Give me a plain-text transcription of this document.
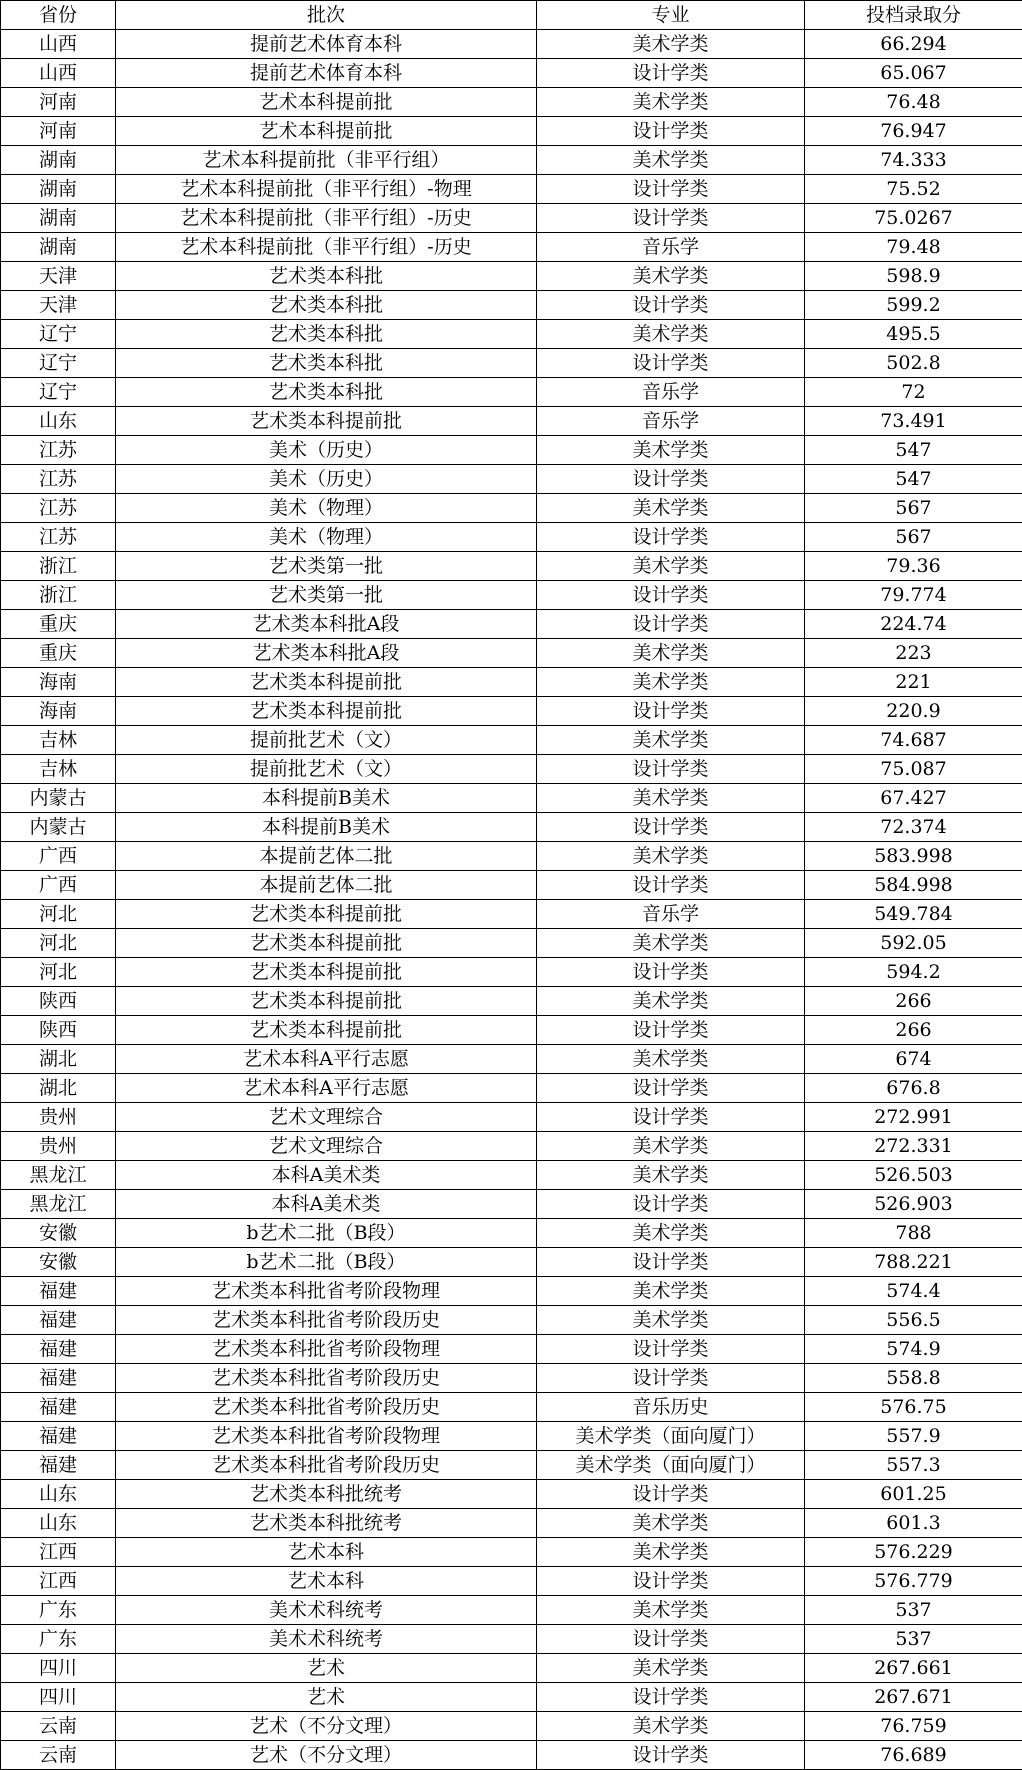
省份	批次	专业	投档录取分
山西	提前艺术体育本科	美术学类	66.294
山西	提前艺术体育本科	设计学类	65.067
河南	艺术本科提前批	美术学类	76.48
河南	艺术本科提前批	设计学类	76.947
湖南	艺术本科提前批（非平行组）	美术学类	74.333
湖南	艺术本科提前批（非平行组）-物理	设计学类	75.52
湖南	艺术本科提前批（非平行组）-历史	设计学类	75.0267
湖南	艺术本科提前批（非平行组）-历史	音乐学	79.48
天津	艺术类本科批	美术学类	598.9
天津	艺术类本科批	设计学类	599.2
辽宁	艺术类本科批	美术学类	495.5
辽宁	艺术类本科批	设计学类	502.8
辽宁	艺术类本科批	音乐学	72
山东	艺术类本科提前批	音乐学	73.491
江苏	美术（历史）	美术学类	547
江苏	美术（历史）	设计学类	547
江苏	美术（物理）	美术学类	567
江苏	美术（物理）	设计学类	567
浙江	艺术类第一批	美术学类	79.36
浙江	艺术类第一批	设计学类	79.774
重庆	艺术类本科批A段	设计学类	224.74
重庆	艺术类本科批A段	美术学类	223
海南	艺术类本科提前批	美术学类	221
海南	艺术类本科提前批	设计学类	220.9
吉林	提前批艺术（文）	美术学类	74.687
吉林	提前批艺术（文）	设计学类	75.087
内蒙古	本科提前B美术	美术学类	67.427
内蒙古	本科提前B美术	设计学类	72.374
广西	本提前艺体二批	美术学类	583.998
广西	本提前艺体二批	设计学类	584.998
河北	艺术类本科提前批	音乐学	549.784
河北	艺术类本科提前批	美术学类	592.05
河北	艺术类本科提前批	设计学类	594.2
陕西	艺术类本科提前批	美术学类	266
陕西	艺术类本科提前批	设计学类	266
湖北	艺术本科A平行志愿	美术学类	674
湖北	艺术本科A平行志愿	设计学类	676.8
贵州	艺术文理综合	设计学类	272.991
贵州	艺术文理综合	美术学类	272.331
黑龙江	本科A美术类	美术学类	526.503
黑龙江	本科A美术类	设计学类	526.903
安徽	b艺术二批（B段）	美术学类	788
安徽	b艺术二批（B段）	设计学类	788.221
福建	艺术类本科批省考阶段物理	美术学类	574.4
福建	艺术类本科批省考阶段历史	美术学类	556.5
福建	艺术类本科批省考阶段物理	设计学类	574.9
福建	艺术类本科批省考阶段历史	设计学类	558.8
福建	艺术类本科批省考阶段历史	音乐历史	576.75
福建	艺术类本科批省考阶段物理	美术学类（面向厦门）	557.9
福建	艺术类本科批省考阶段历史	美术学类（面向厦门）	557.3
山东	艺术类本科批统考	设计学类	601.25
山东	艺术类本科批统考	美术学类	601.3
江西	艺术本科	美术学类	576.229
江西	艺术本科	设计学类	576.779
广东	美术术科统考	美术学类	537
广东	美术术科统考	设计学类	537
四川	艺术	美术学类	267.661
四川	艺术	设计学类	267.671
云南	艺术（不分文理）	美术学类	76.759
云南	艺术（不分文理）	设计学类	76.689
